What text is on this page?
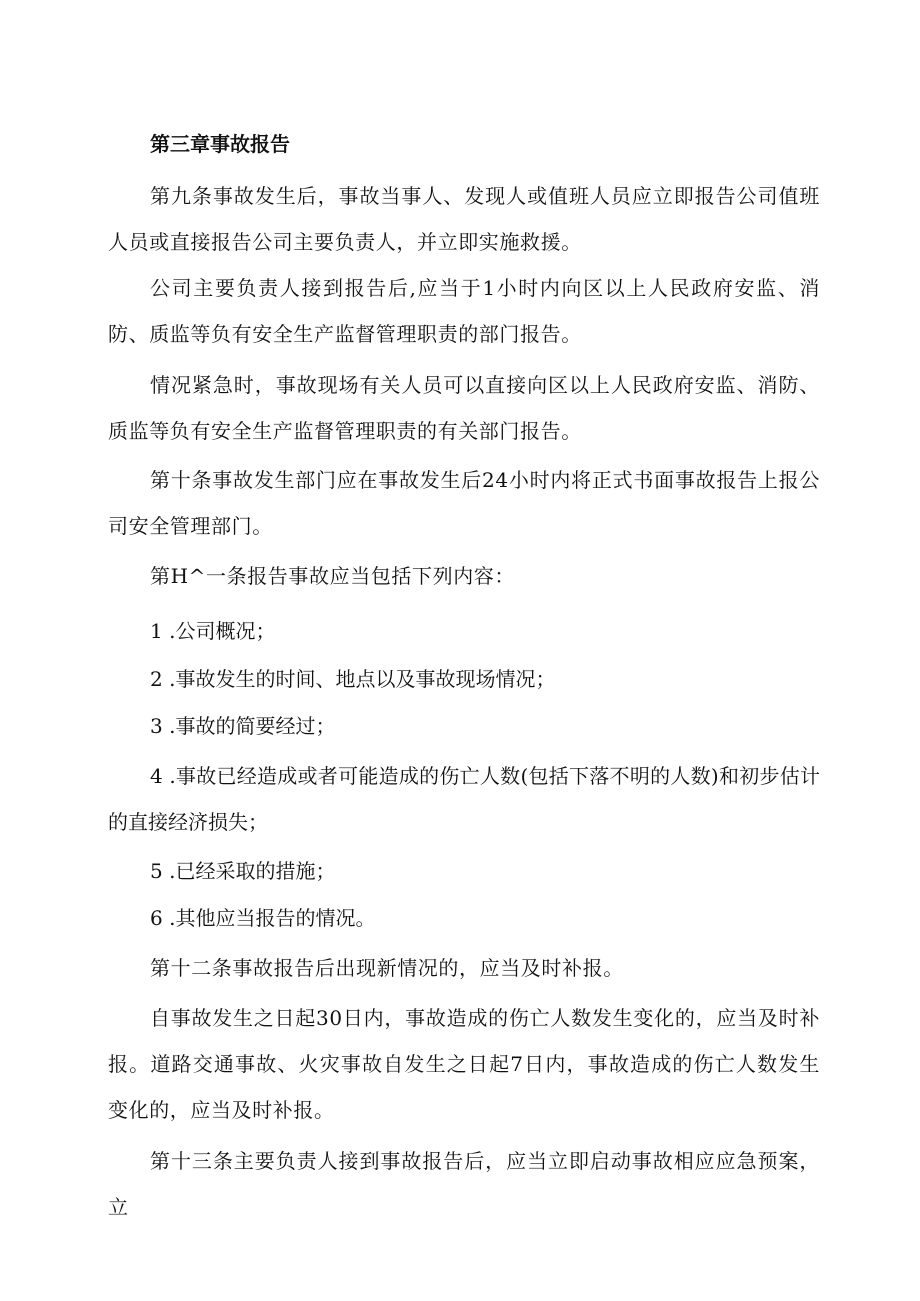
第三章事故报告
第九条事故发生后，事故当事人、发现人或值班人员应立即报告公司值班人员或直接报告公司主要负责人，并立即实施救援。
公司主要负责人接到报告后,应当于1小时内向区以上人民政府安监、消防、质监等负有安全生产监督管理职责的部门报告。
情况紧急时，事故现场有关人员可以直接向区以上人民政府安监、消防、质监等负有安全生产监督管理职责的有关部门报告。
第十条事故发生部门应在事故发生后24小时内将正式书面事故报告上报公司安全管理部门。
第H^一条报告事故应当包括下列内容：
1 .公司概况；
2 .事故发生的时间、地点以及事故现场情况；
3 .事故的简要经过；
4 .事故已经造成或者可能造成的伤亡人数(包括下落不明的人数)和初步估计的直接经济损失；
5 .已经采取的措施；
6 .其他应当报告的情况。
第十二条事故报告后出现新情况的，应当及时补报。
自事故发生之日起30日内，事故造成的伤亡人数发生变化的，应当及时补报。道路交通事故、火灾事故自发生之日起7日内，事故造成的伤亡人数发生变化的，应当及时补报。
第十三条主要负责人接到事故报告后，应当立即启动事故相应应急预案，立
